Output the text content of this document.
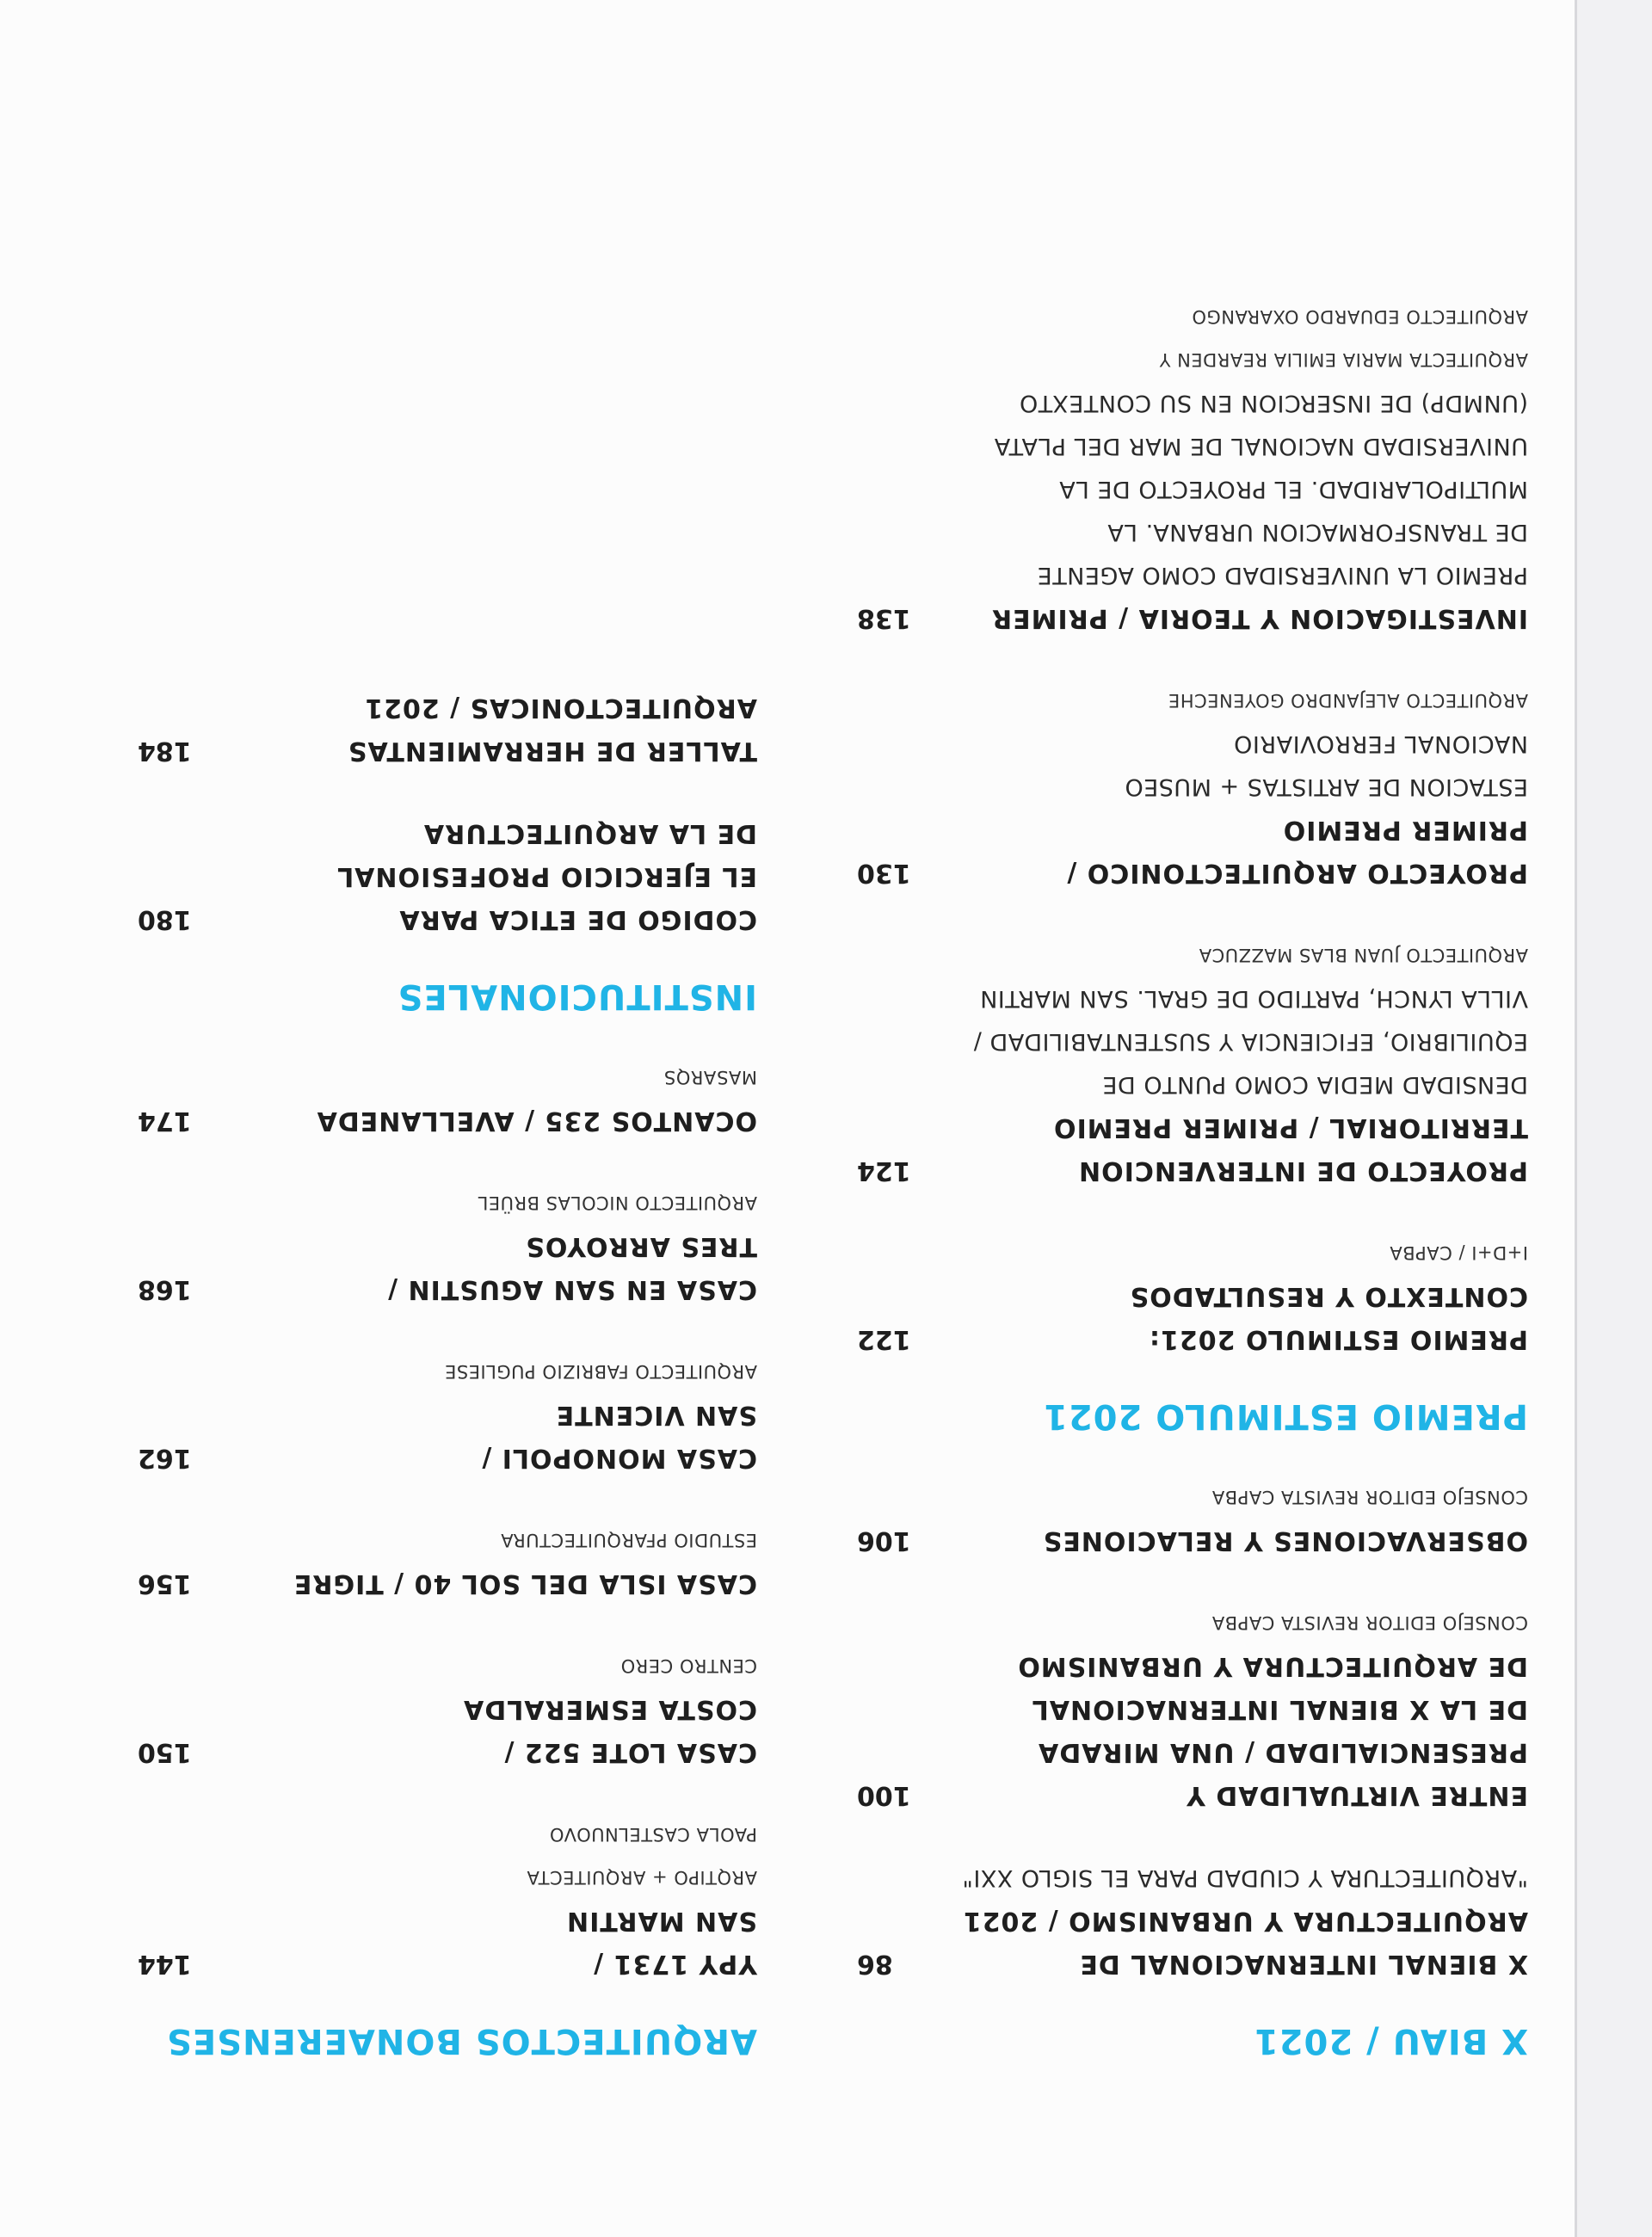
X BIAU / 2021
X BIENAL INTERNACIONAL DE
ARQUITECTURA Y URBANISMO / 2021
"ARQUITECTURA Y CIUDAD PARA EL SIGLO XXI"
86
ENTRE VIRTUALIDAD Y
PRESENCIALIDAD / UNA MIRADA
DE LA X BIENAL INTERNACIONAL
DE ARQUITECTURA Y URBANISMO
CONSEJO EDITOR REVISTA CAPBA
100
OBSERVACIONES Y RELACIONES
CONSEJO EDITOR REVISTA CAPBA
106
PREMIO ESTIMULO 2021
PREMIO ESTIMULO 2021:
CONTEXTO Y RESULTADOS
I+D+I / CAPBA
122
PROYECTO DE INTERVENCION
TERRITORIAL / PRIMER PREMIO
DENSIDAD MEDIA COMO PUNTO DE
EQUILIBRIO, EFICIENCIA Y SUSTENTABILIDAD /
VILLA LYNCH, PARTIDO DE GRAL. SAN MARTIN
ARQUITECTO JUAN BLAS MAZZUCA
124
PROYECTO ARQUITECTONICO /
PRIMER PREMIO
ESTACION DE ARTISTAS + MUSEO
NACIONAL FERROVIARIO
ARQUITECTO ALEJANDRO GOYENECHE
130
INVESTIGACION Y TEORIA / PRIMER
PREMIO LA UNIVERSIDAD COMO AGENTE
DE TRANSFORMACION URBANA. LA
MULTIPOLARIDAD. EL PROYECTO DE LA
UNIVERSIDAD NACIONAL DE MAR DEL PLATA
(UNMDP) DE INSERCION EN SU CONTEXTO
ARQUITECTA MARIA EMILIA REARDEN Y
ARQUITECTO EDUARDO OXARANGO
138
ARQUITECTOS BONAERENSES
YPY 1731 /
SAN MARTIN
ARQTIPO + ARQUITECTA
PAOLA CASTELNUOVO
144
CASA LOTE 522 /
COSTA ESMERALDA
CENTRO CERO
150
CASA ISLA DEL SOL 40 / TIGRE
ESTUDIO PFARQUITECTURA
156
CASA MONOPOLI /
SAN VICENTE
ARQUITECTO FABRIZIO PUGLIESE
162
CASA EN SAN AGUSTIN /
TRES ARROYOS
ARQUITECTO NICOLAS BRÜEL
168
OCANTOS 235 / AVELLANEDA
MASARQS
174
INSTITUCIONALES
CODIGO DE ETICA PARA
EL EJERCICIO PROFESIONAL
DE LA ARQUITECTURA
180
TALLER DE HERRAMIENTAS
ARQUITECTONICAS / 2021
184
